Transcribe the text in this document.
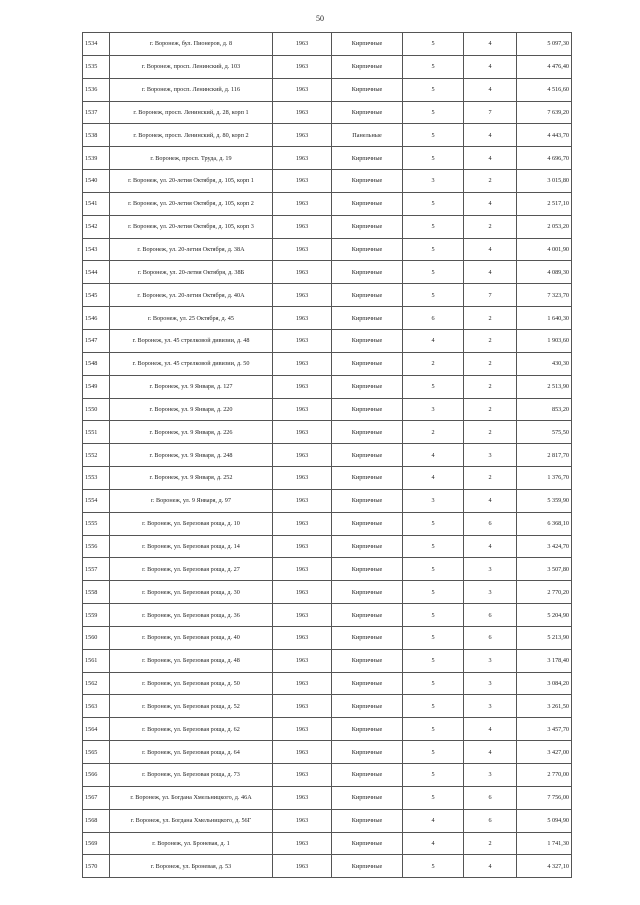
50
1534	г. Воронеж, бул. Пионеров, д. 8	1963	Кирпичные	5	4	5 097,30
1535	г. Воронеж, просп. Ленинский, д. 103	1963	Кирпичные	5	4	4 476,40
1536	г. Воронеж, просп. Ленинский, д. 116	1963	Кирпичные	5	4	4 516,60
1537	г. Воронеж, просп. Ленинский, д. 28, корп 1	1963	Кирпичные	5	7	7 639,20
1538	г. Воронеж, просп. Ленинский, д. 80, корп 2	1963	Панельные	5	4	4 443,70
1539	г. Воронеж, просп. Труда, д. 19	1963	Кирпичные	5	4	4 696,70
1540	г. Воронеж, ул. 20-летия Октября, д. 105, корп 1	1963	Кирпичные	3	2	3 015,80
1541	г. Воронеж, ул. 20-летия Октября, д. 105, корп 2	1963	Кирпичные	5	4	2 517,10
1542	г. Воронеж, ул. 20-летия Октября, д. 105, корп 3	1963	Кирпичные	5	2	2 053,20
1543	г. Воронеж, ул. 20-летия Октября, д. 38А	1963	Кирпичные	5	4	4 001,90
1544	г. Воронеж, ул. 20-летия Октября, д. 38Б	1963	Кирпичные	5	4	4 089,30
1545	г. Воронеж, ул. 20-летия Октября, д. 40А	1963	Кирпичные	5	7	7 323,70
1546	г. Воронеж, ул. 25 Октября, д. 45	1963	Кирпичные	6	2	1 640,30
1547	г. Воронеж, ул. 45 стрелковой дивизии, д. 48	1963	Кирпичные	4	2	1 903,60
1548	г. Воронеж, ул. 45 стрелковой дивизии, д. 50	1963	Кирпичные	2	2	430,30
1549	г. Воронеж, ул. 9 Января, д. 127	1963	Кирпичные	5	2	2 513,90
1550	г. Воронеж, ул. 9 Января, д. 220	1963	Кирпичные	3	2	853,20
1551	г. Воронеж, ул. 9 Января, д. 226	1963	Кирпичные	2	2	575,50
1552	г. Воронеж, ул. 9 Января, д. 248	1963	Кирпичные	4	3	2 817,70
1553	г. Воронеж, ул. 9 Января, д. 252	1963	Кирпичные	4	2	1 376,70
1554	г. Воронеж, ул. 9 Января, д. 97	1963	Кирпичные	3	4	5 359,90
1555	г. Воронеж, ул. Березовая роща, д. 10	1963	Кирпичные	5	6	6 368,10
1556	г. Воронеж, ул. Березовая роща, д. 14	1963	Кирпичные	5	4	3 424,70
1557	г. Воронеж, ул. Березовая роща, д. 27	1963	Кирпичные	5	3	3 507,80
1558	г. Воронеж, ул. Березовая роща, д. 30	1963	Кирпичные	5	3	2 770,20
1559	г. Воронеж, ул. Березовая роща, д. 36	1963	Кирпичные	5	6	5 204,90
1560	г. Воронеж, ул. Березовая роща, д. 40	1963	Кирпичные	5	6	5 213,90
1561	г. Воронеж, ул. Березовая роща, д. 48	1963	Кирпичные	5	3	3 178,40
1562	г. Воронеж, ул. Березовая роща, д. 50	1963	Кирпичные	5	3	3 084,20
1563	г. Воронеж, ул. Березовая роща, д. 52	1963	Кирпичные	5	3	3 261,50
1564	г. Воронеж, ул. Березовая роща, д. 62	1963	Кирпичные	5	4	3 457,70
1565	г. Воронеж, ул. Березовая роща, д. 64	1963	Кирпичные	5	4	3 427,00
1566	г. Воронеж, ул. Березовая роща, д. 73	1963	Кирпичные	5	3	2 770,00
1567	г. Воронеж, ул. Богдана Хмельницкого, д. 46А	1963	Кирпичные	5	6	7 756,00
1568	г. Воронеж, ул. Богдана Хмельницкого, д. 56Г	1963	Кирпичные	4	6	5 094,90
1569	г. Воронеж, ул. Броневая, д. 1	1963	Кирпичные	4	2	1 741,30
1570	г. Воронеж, ул. Броневая, д. 53	1963	Кирпичные	5	4	4 327,10
